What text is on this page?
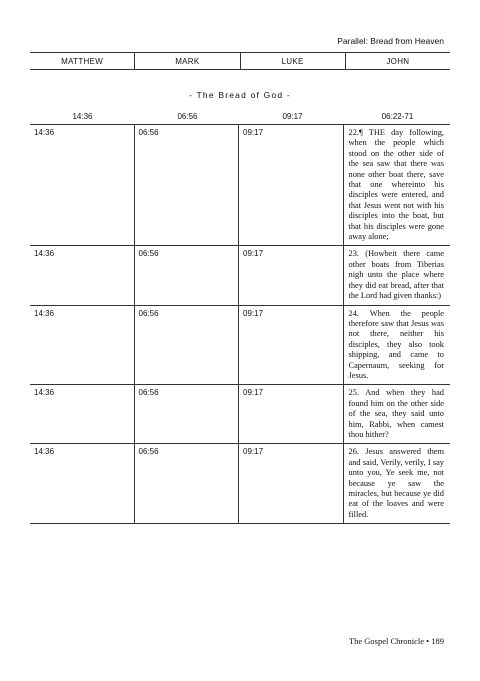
Parallel: Bread from Heaven
MATTHEW	MARK	LUKE	JOHN
- The Bread of God -
14:36	06:56	09:17	06:22-71
14:36	06:56	09:17	22.¶ THE day following, when the people which stood on the other side of the sea saw that there was none other boat there, save that one whereinto his disciples were entered, and that Jesus went not with his disciples into the boat, but that his disciples were gone away alone;
14:36	06:56	09:17	23. (Howbeit there came other boats from Tiberias nigh unto the place where they did eat bread, after that the Lord had given thanks:)
14:36	06:56	09:17	24. When the people therefore saw that Jesus was not there, neither his disciples, they also took shipping, and came to Capernaum, seeking for Jesus.
14:36	06:56	09:17	25. And when they had found him on the other side of the sea, they said unto him, Rabbi, when camest thou hither?
14:36	06:56	09:17	26. Jesus answered them and said, Verily, verily, I say unto you, Ye seek me, not because ye saw the miracles, but because ye did eat of the loaves and were filled.
The Gospel Chronicle • 189
